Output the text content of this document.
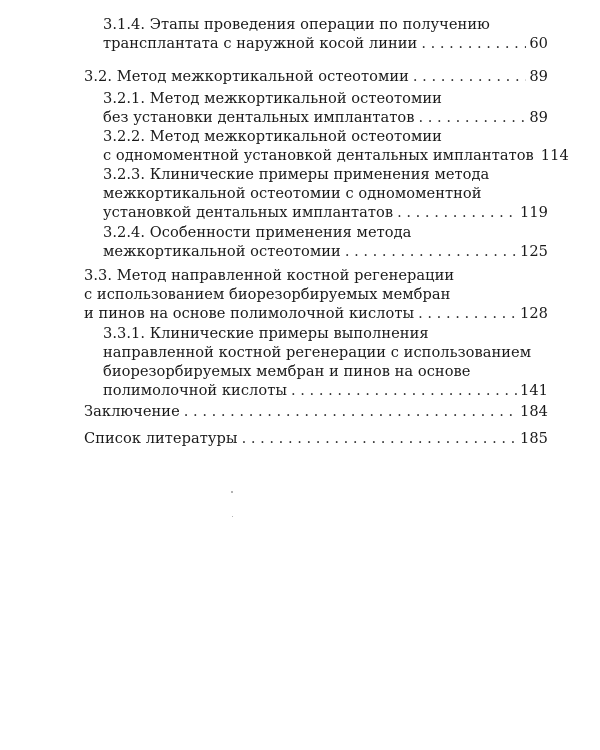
3.1.4. Этапы проведения операции по получению
трансплантата с наружной косой линии . . .	60
3.2. Метод межкортикальной остеотомии . . .	89
3.2.1. Метод межкортикальной остеотомии
без установки дентальных имплантатов . . .	89
3.2.2. Метод межкортикальной остеотомии
с одномоментной установкой дентальных имплантатов 114
3.2.3. Клинические примеры применения метода
межкортикальной остеотомии с одномоментной
установкой дентальных имплантатов . . .	119
3.2.4. Особенности применения метода
межкортикальной остеотомии . . .	125
3.3. Метод направленной костной регенерации
с использованием биорезорбируемых мембран
и пинов на основе полимолочной кислоты . . .	128
3.3.1. Клинические примеры выполнения
направленной костной регенерации с использованием
биорезорбируемых мембран и пинов на основе
полимолочной кислоты . . .	141
Заключение . . .	184
Список литературы . . .	185
